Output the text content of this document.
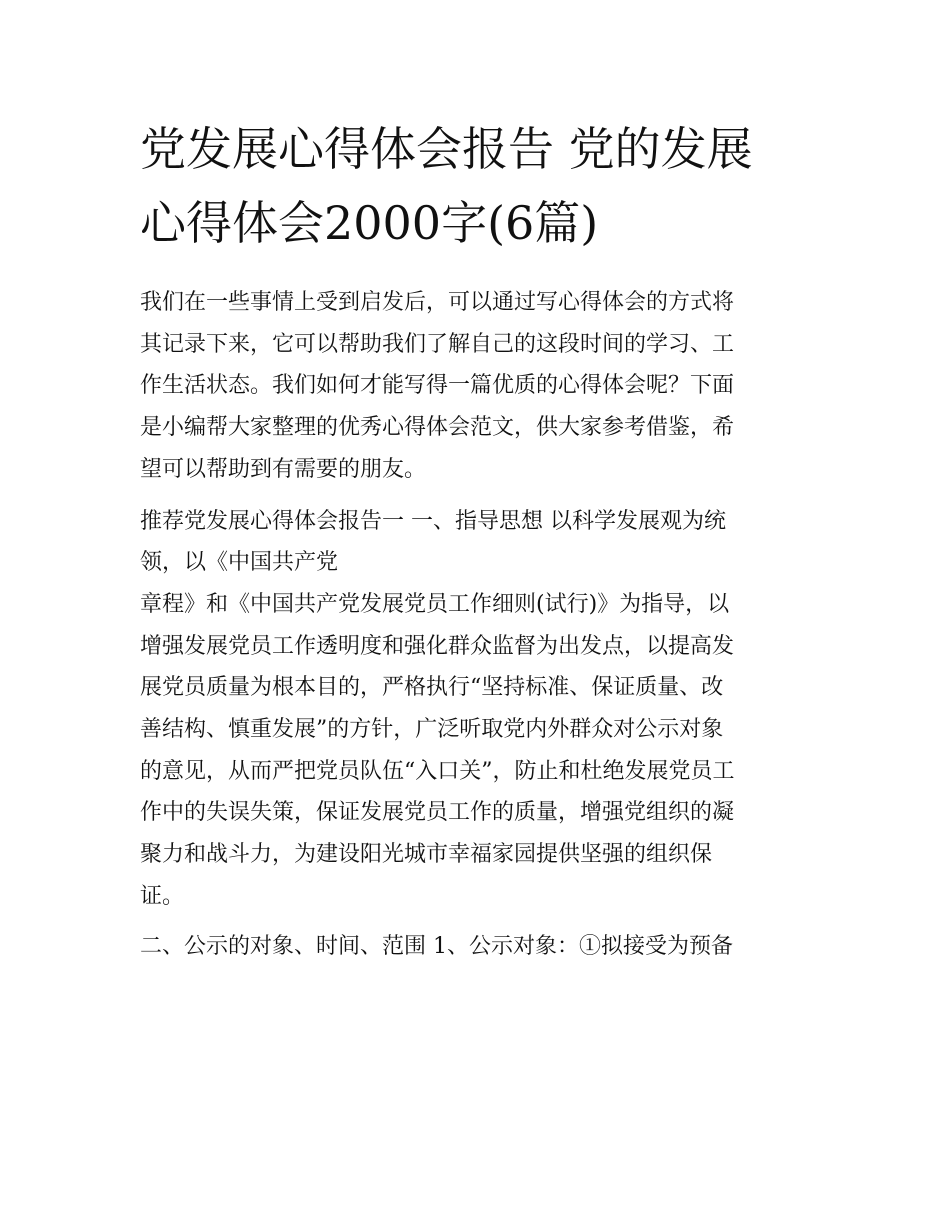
党发展心得体会报告 党的发展
心得体会2000字(6篇)

我们在一些事情上受到启发后，可以通过写心得体会的方式将
其记录下来，它可以帮助我们了解自己的这段时间的学习、工
作生活状态。我们如何才能写得一篇优质的心得体会呢？下面
是小编帮大家整理的优秀心得体会范文，供大家参考借鉴，希
望可以帮助到有需要的朋友。

推荐党发展心得体会报告一 一、指导思想 以科学发展观为统
领，以《中国共产党

章程》和《中国共产党发展党员工作细则(试行)》为指导，以
增强发展党员工作透明度和强化群众监督为出发点，以提高发
展党员质量为根本目的，严格执行“坚持标准、保证质量、改
善结构、慎重发展”的方针，广泛听取党内外群众对公示对象
的意见，从而严把党员队伍“入口关”，防止和杜绝发展党员工
作中的失误失策，保证发展党员工作的质量，增强党组织的凝
聚力和战斗力，为建设阳光城市幸福家园提供坚强的组织保
证。

二、公示的对象、时间、范围 1、公示对象：①拟接受为预备
